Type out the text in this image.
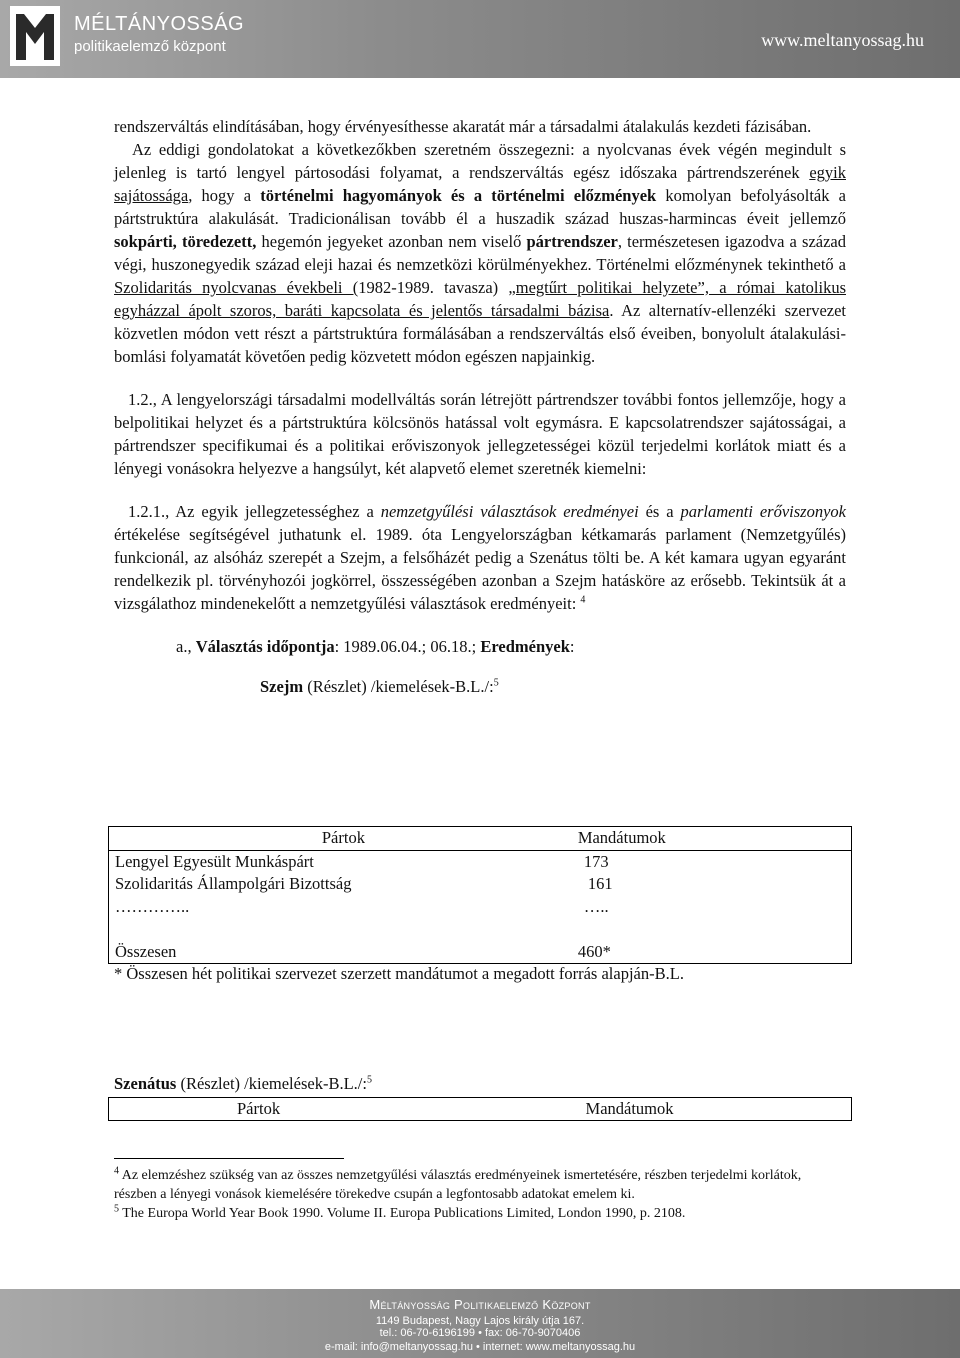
MÉLTÁNYOSSÁG
politikaelemző központ	www.meltanyossag.hu

rendszerváltás elindításában, hogy érvényesíthesse akaratát már a társadalmi átalakulás kezdeti fázisában.

Az eddigi gondolatokat a következőkben szeretném összegezni: a nyolcvanas évek végén megindult s jelenleg is tartó lengyel pártosodási folyamat, a rendszerváltás egész időszaka pártrendszerének egyik sajátossága, hogy a történelmi hagyományok és a történelmi előzmények komolyan befolyásolták a pártstruktúra alakulását. Tradicionálisan tovább él a huszadik század huszas-harmincas éveit jellemző sokpárti, töredezett, hegemón jegyeket azonban nem viselő pártrendszer, természetesen igazodva a század végi, huszonegyedik század eleji hazai és nemzetközi körülményekhez. Történelmi előzménynek tekinthető a Szolidaritás nyolcvanas évekbeli (1982-1989. tavasza) „megtűrt politikai helyzete”, a római katolikus egyházzal ápolt szoros, baráti kapcsolata és jelentős társadalmi bázisa. Az alternatív-ellenzéki szervezet közvetlen módon vett részt a pártstruktúra formálásában a rendszerváltás első éveiben, bonyolult átalakulási-bomlási folyamatát követően pedig közvetett módon egészen napjainkig.

1.2., A lengyelországi társadalmi modellváltás során létrejött pártrendszer további fontos jellemzője, hogy a belpolitikai helyzet és a pártstruktúra kölcsönös hatással volt egymásra. E kapcsolatrendszer sajátosságai, a pártrendszer specifikumai és a politikai erőviszonyok jellegzetességei közül terjedelmi korlátok miatt és a lényegi vonásokra helyezve a hangsúlyt, két alapvető elemet szeretnék kiemelni:

1.2.1., Az egyik jellegzetességhez a nemzetgyűlési választások eredményei és a parlamenti erőviszonyok értékelése segítségével juthatunk el. 1989. óta Lengyelországban kétkamarás parlament (Nemzetgyűlés) funkcionál, az alsóház szerepét a Szejm, a felsőházét pedig a Szenátus tölti be. A két kamara ugyan egyaránt rendelkezik pl. törvényhozói jogkörrel, összességében azonban a Szejm hatásköre az erősebb. Tekintsük át a vizsgálathoz mindenekelőtt a nemzetgyűlési választások eredményeit: $^4$

a., Választás időpontja: 1989.06.04.; 06.18.; Eredmények:

Szejm (Részlet) /kiemelések-B.L./:$^5$

Pártok	Mandátumok
Lengyel Egyesült Munkáspárt	173
Szolidaritás Állampolgári Bizottság	161
…………..	…..

Összesen	460*
* Összesen hét politikai szervezet szerzett mandátumot a megadott forrás alapján-B.L.
Szenátus (Részlet) /kiemelések-B.L./:$^5$
Pártok	Mandátumok

$^4$ Az elemzéshez szükség van az összes nemzetgyűlési választás eredményeinek ismertetésére, részben terjedelmi korlátok, részben a lényegi vonások kiemelésére törekedve csupán a legfontosabb adatokat emelem ki.

$^5$ The Europa World Year Book 1990. Volume II. Europa Publications Limited, London 1990, p. 2108.

Méltányosság Politikaelemző Központ
1149 Budapest, Nagy Lajos király útja 167.
tel.: 06-70-6196199 • fax: 06-70-9070406
e-mail: info@meltanyossag.hu • internet: www.meltanyossag.hu
